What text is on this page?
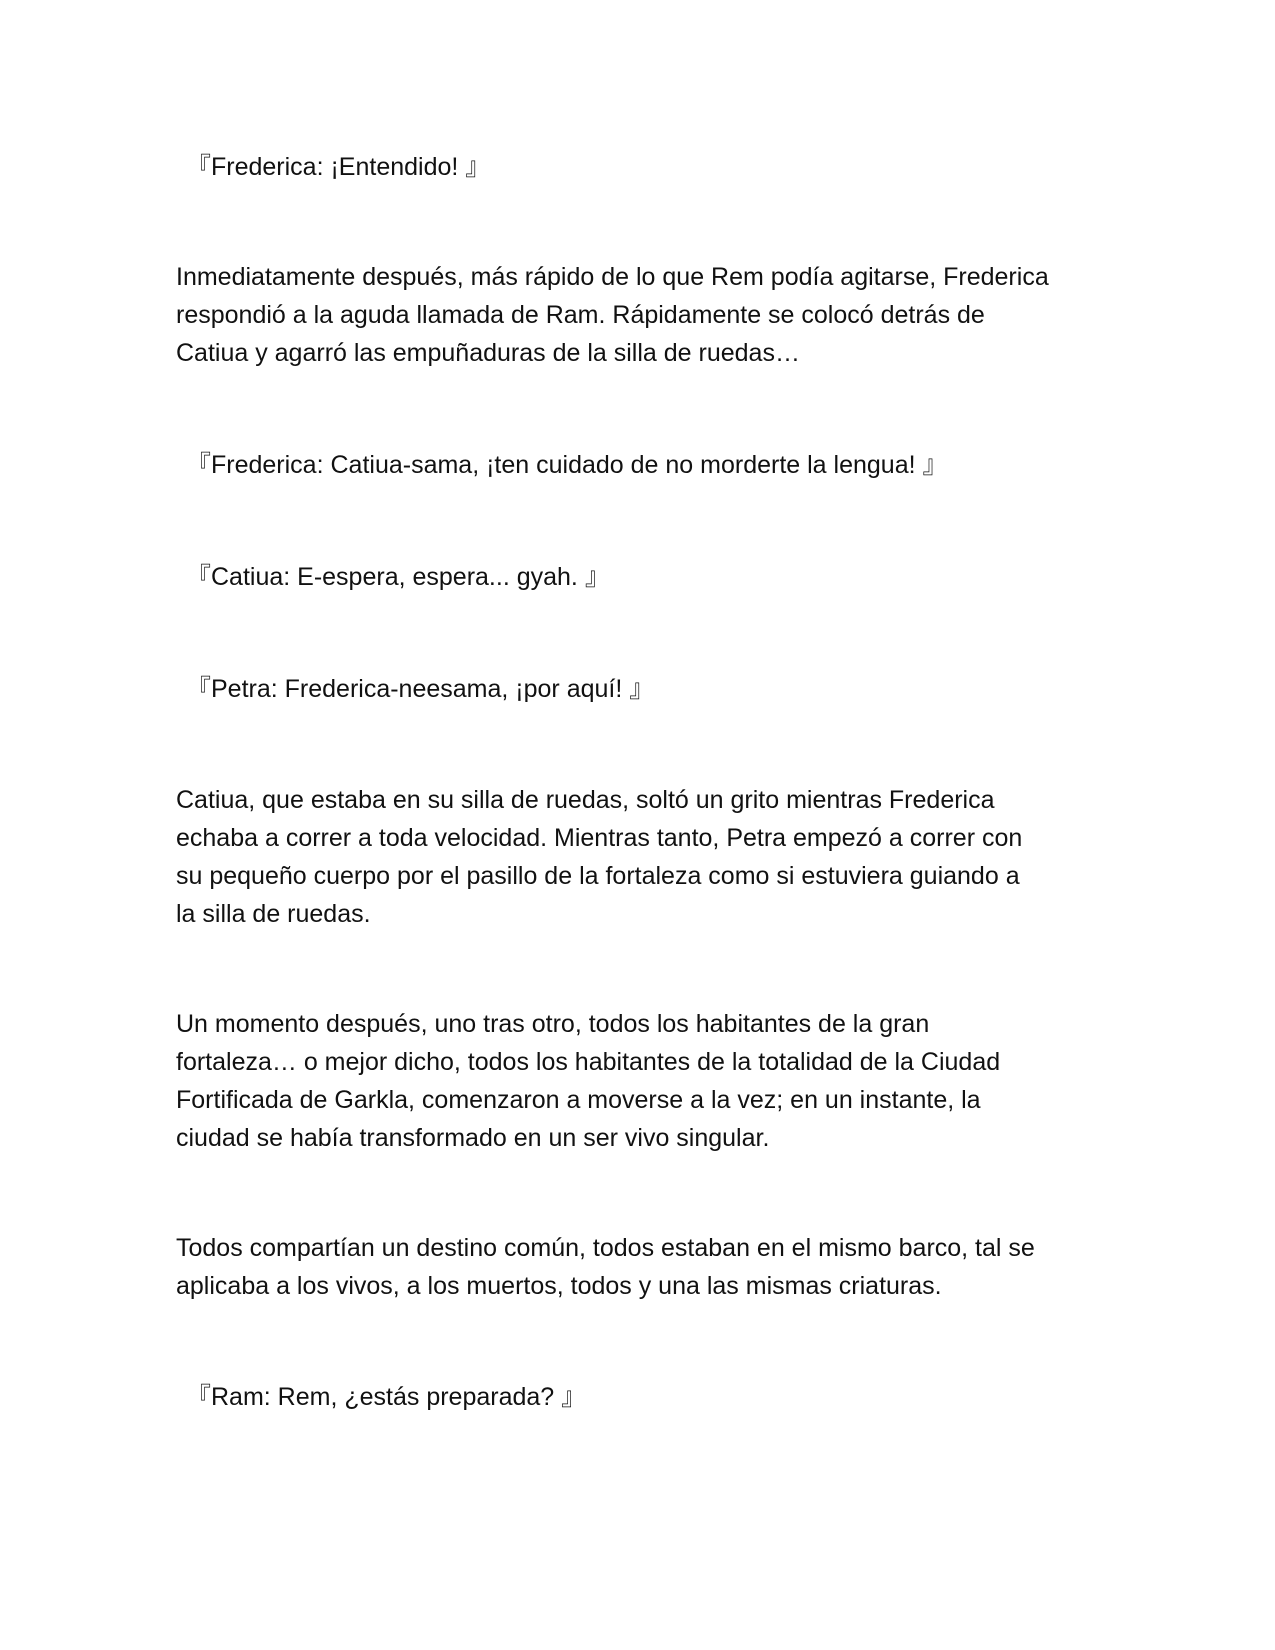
『Frederica: ¡Entendido! 』

Inmediatamente después, más rápido de lo que Rem podía agitarse, Frederica
respondió a la aguda llamada de Ram. Rápidamente se colocó detrás de
Catiua y agarró las empuñaduras de la silla de ruedas…

『Frederica: Catiua-sama, ¡ten cuidado de no morderte la lengua! 』

『Catiua: E-espera, espera... gyah. 』

『Petra: Frederica-neesama, ¡por aquí! 』

Catiua, que estaba en su silla de ruedas, soltó un grito mientras Frederica
echaba a correr a toda velocidad. Mientras tanto, Petra empezó a correr con
su pequeño cuerpo por el pasillo de la fortaleza como si estuviera guiando a
la silla de ruedas.

Un momento después, uno tras otro, todos los habitantes de la gran
fortaleza… o mejor dicho, todos los habitantes de la totalidad de la Ciudad
Fortificada de Garkla, comenzaron a moverse a la vez; en un instante, la
ciudad se había transformado en un ser vivo singular.

Todos compartían un destino común, todos estaban en el mismo barco, tal se
aplicaba a los vivos, a los muertos, todos y una las mismas criaturas.

『Ram: Rem, ¿estás preparada? 』
